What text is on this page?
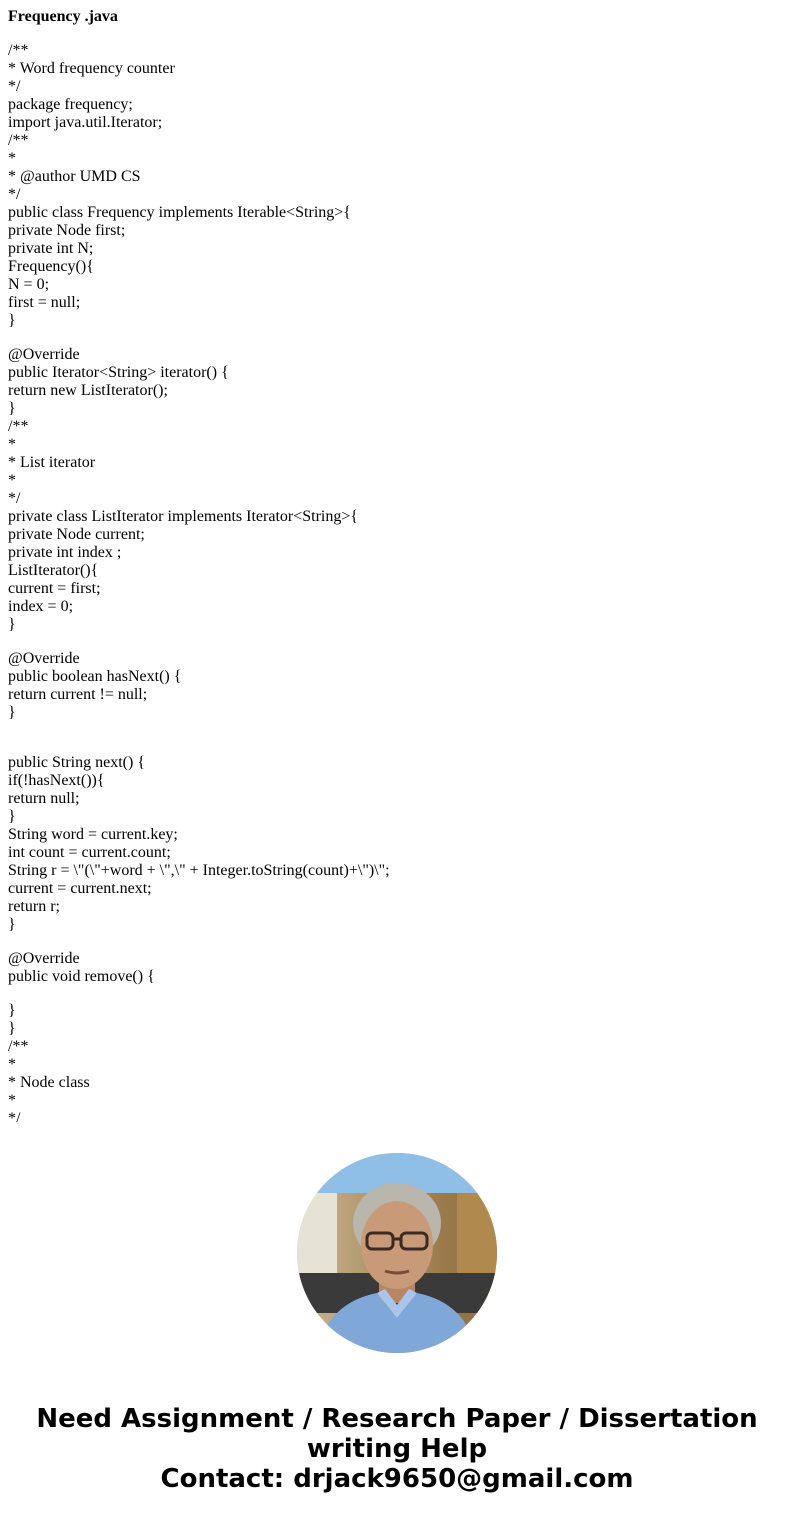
Frequency .java
/**
* Word frequency counter
*/
package frequency;
import java.util.Iterator;
/**
*
* @author UMD CS
*/
public class Frequency implements Iterable<String>{
private Node first;
private int N;
Frequency(){
N = 0;
first = null;
}
@Override
public Iterator<String> iterator() {
return new ListIterator();
}
/**
*
* List iterator
*
*/
private class ListIterator implements Iterator<String>{
private Node current;
private int index ;
ListIterator(){
current = first;
index = 0;
}
@Override
public boolean hasNext() {
return current != null;
}
public String next() {
if(!hasNext()){
return null;
}
String word = current.key;
int count = current.count;
String r = \"(\"+word + \",\" + Integer.toString(count)+\")\";
current = current.next;
return r;
}
@Override
public void remove() {
}
}
/**
*
* Node class
*
*/
Need Assignment / Research Paper / Dissertation writing Help
Contact: drjack9650@gmail.com
